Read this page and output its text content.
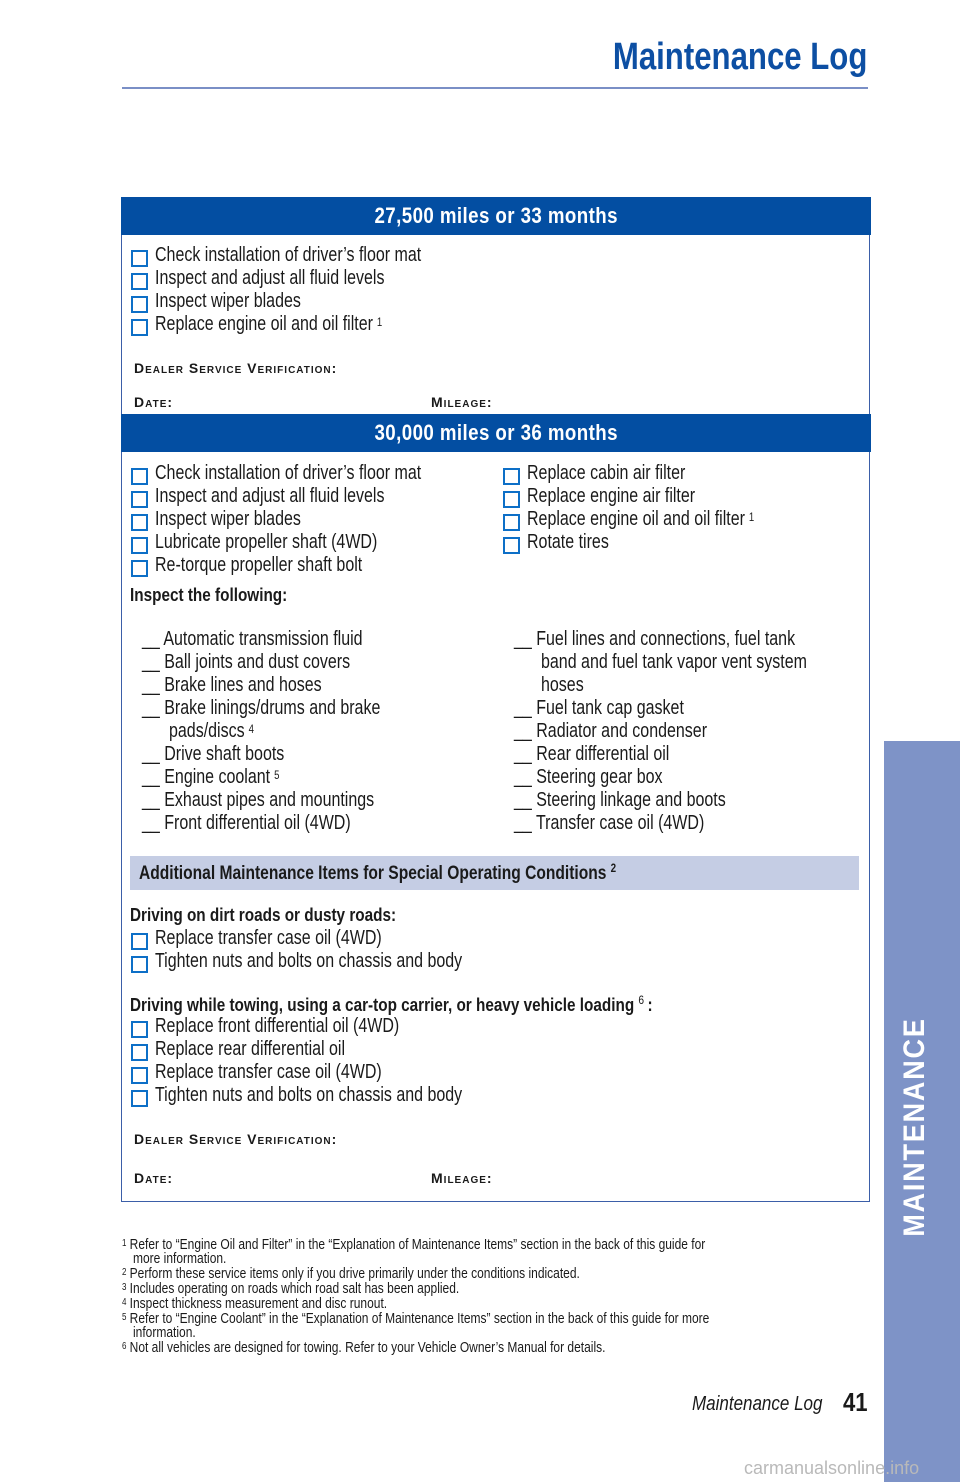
Maintenance Log
27,500 miles or 33 months
Check installation of driver’s floor mat
Inspect and adjust all fluid levels
Inspect wiper blades
Replace engine oil and oil filter $^1$
Dealer Service Verification:
Date:	Mileage:
30,000 miles or 36 months
Check installation of driver’s floor mat
Inspect and adjust all fluid levels
Inspect wiper blades
Lubricate propeller shaft (4WD)
Re-torque propeller shaft bolt
Replace cabin air filter
Replace engine air filter
Replace engine oil and oil filter $^1$
Rotate tires
Inspect the following:
__ Automatic transmission fluid
__ Ball joints and dust covers
__ Brake lines and hoses
__ Brake linings/drums and brake
pads/discs $^4$
__ Drive shaft boots
__ Engine coolant $^5$
__ Exhaust pipes and mountings
__ Front differential oil (4WD)
__ Fuel lines and connections, fuel tank
band and fuel tank vapor vent system
hoses
__ Fuel tank cap gasket
__ Radiator and condenser
__ Rear differential oil
__ Steering gear box
__ Steering linkage and boots
__ Transfer case oil (4WD)
Additional Maintenance Items for Special Operating Conditions $^2$
Driving on dirt roads or dusty roads:
Replace transfer case oil (4WD)
Tighten nuts and bolts on chassis and body
Driving while towing, using a car-top carrier, or heavy vehicle loading $^6$ :
Replace front differential oil (4WD)
Replace rear differential oil
Replace transfer case oil (4WD)
Tighten nuts and bolts on chassis and body
Dealer Service Verification:
Date:	Mileage:
$^1$ Refer to “Engine Oil and Filter” in the “Explanation of Maintenance Items” section in the back of this guide for
more information.
$^2$ Perform these service items only if you drive primarily under the conditions indicated.
$^3$ Includes operating on roads which road salt has been applied.
$^4$ Inspect thickness measurement and disc runout.
$^5$ Refer to “Engine Coolant” in the “Explanation of Maintenance Items” section in the back of this guide for more
information.
$^6$ Not all vehicles are designed for towing. Refer to your Vehicle Owner’s Manual for details.
MAINTENANCE
Maintenance Log 41
carmanualsonline.info
